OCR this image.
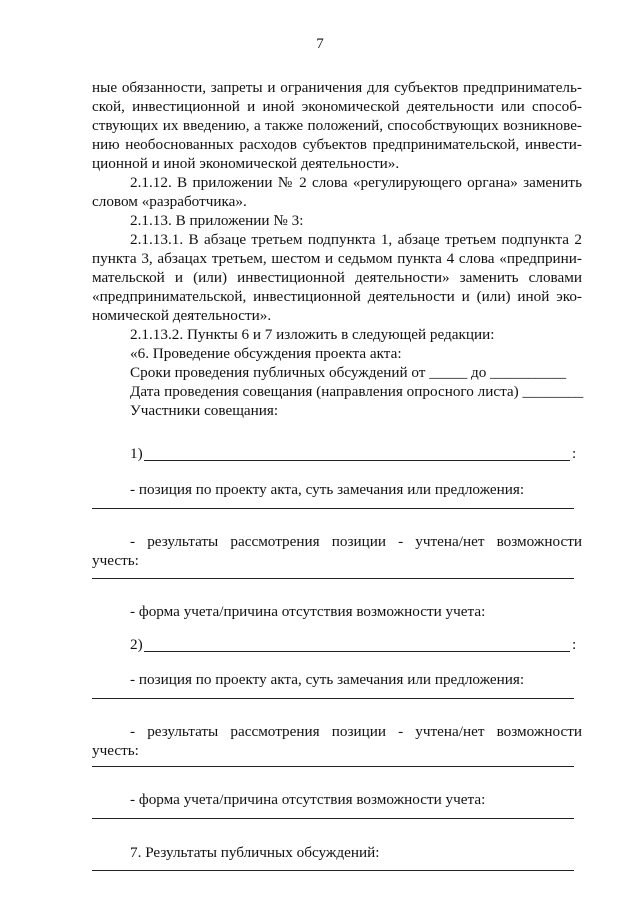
7
ные обязанности, запреты и ограничения для субъектов предприниматель-
ской, инвестиционной и иной экономической деятельности или способ-
ствующих их введению, а также положений, способствующих возникнове-
нию необоснованных расходов субъектов предпринимательской, инвести-
ционной и иной экономической деятельности».
2.1.12. В приложении № 2 слова «регулирующего органа» заменить
словом «разработчика».
2.1.13. В приложении № 3:
2.1.13.1. В абзаце третьем подпункта 1, абзаце третьем подпункта 2
пункта 3, абзацах третьем, шестом и седьмом пункта 4 слова «предприни-
мательской и (или) инвестиционной деятельности» заменить словами
«предпринимательской, инвестиционной деятельности и (или) иной эко-
номической деятельности».
2.1.13.2. Пункты 6 и 7 изложить в следующей редакции:
«6. Проведение обсуждения проекта акта:
Сроки проведения публичных обсуждений от _____ до __________
Дата проведения совещания (направления опросного листа) ________
Участники совещания:
1)	:
- позиция по проекту акта, суть замечания или предложения:
- результаты рассмотрения позиции - учтена/нет возможности
учесть:
- форма учета/причина отсутствия возможности учета:
2)	:
- позиция по проекту акта, суть замечания или предложения:
- результаты рассмотрения позиции - учтена/нет возможности
учесть:
- форма учета/причина отсутствия возможности учета:
7. Результаты публичных обсуждений:
